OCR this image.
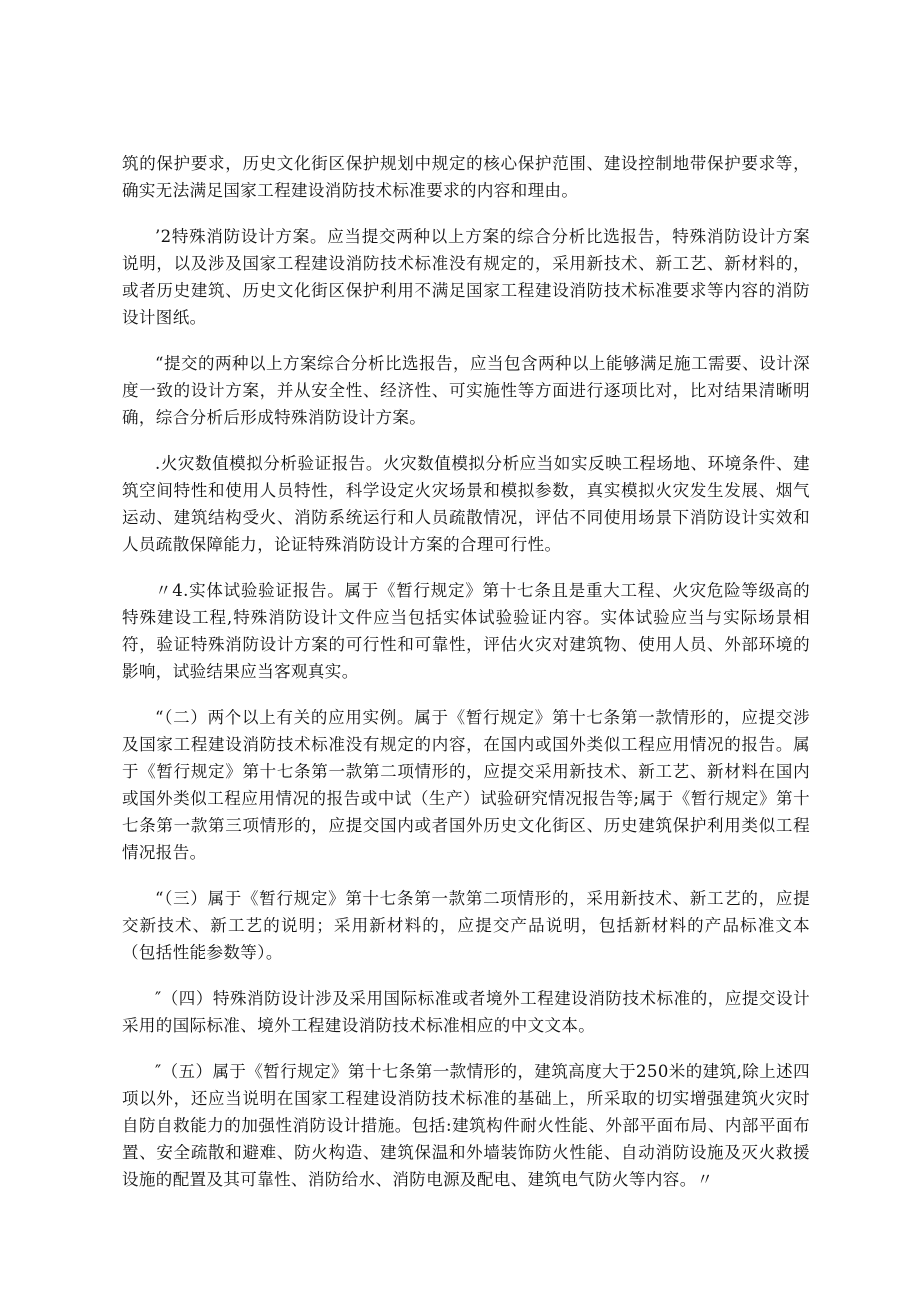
筑的保护要求，历史文化街区保护规划中规定的核心保护范围、建设控制地带保护要求等，确实无法满足国家工程建设消防技术标准要求的内容和理由。

’2特殊消防设计方案。应当提交两种以上方案的综合分析比选报告，特殊消防设计方案说明，以及涉及国家工程建设消防技术标准没有规定的，采用新技术、新工艺、新材料的，或者历史建筑、历史文化街区保护利用不满足国家工程建设消防技术标准要求等内容的消防设计图纸。

“提交的两种以上方案综合分析比选报告，应当包含两种以上能够满足施工需要、设计深度一致的设计方案，并从安全性、经济性、可实施性等方面进行逐项比对，比对结果清晰明确，综合分析后形成特殊消防设计方案。

.火灾数值模拟分析验证报告。火灾数值模拟分析应当如实反映工程场地、环境条件、建筑空间特性和使用人员特性，科学设定火灾场景和模拟参数，真实模拟火灾发生发展、烟气运动、建筑结构受火、消防系统运行和人员疏散情况，评估不同使用场景下消防设计实效和人员疏散保障能力，论证特殊消防设计方案的合理可行性。

〃4.实体试验验证报告。属于《暂行规定》第十七条且是重大工程、火灾危险等级高的特殊建设工程,特殊消防设计文件应当包括实体试验验证内容。实体试验应当与实际场景相符，验证特殊消防设计方案的可行性和可靠性，评估火灾对建筑物、使用人员、外部环境的影响，试验结果应当客观真实。

“（二）两个以上有关的应用实例。属于《暂行规定》第十七条第一款情形的，应提交涉及国家工程建设消防技术标准没有规定的内容，在国内或国外类似工程应用情况的报告。属于《暂行规定》第十七条第一款第二项情形的，应提交采用新技术、新工艺、新材料在国内或国外类似工程应用情况的报告或中试（生产）试验研究情况报告等;属于《暂行规定》第十七条第一款第三项情形的，应提交国内或者国外历史文化街区、历史建筑保护利用类似工程情况报告。

“（三）属于《暂行规定》第十七条第一款第二项情形的，采用新技术、新工艺的，应提交新技术、新工艺的说明；采用新材料的，应提交产品说明，包括新材料的产品标准文本（包括性能参数等）。

″（四）特殊消防设计涉及采用国际标准或者境外工程建设消防技术标准的，应提交设计采用的国际标准、境外工程建设消防技术标准相应的中文文本。

″（五）属于《暂行规定》第十七条第一款情形的，建筑高度大于250米的建筑,除上述四项以外，还应当说明在国家工程建设消防技术标准的基础上，所采取的切实增强建筑火灾时自防自救能力的加强性消防设计措施。包括:建筑构件耐火性能、外部平面布局、内部平面布置、安全疏散和避难、防火构造、建筑保温和外墙装饰防火性能、自动消防设施及灭火救援设施的配置及其可靠性、消防给水、消防电源及配电、建筑电气防火等内容。〃
